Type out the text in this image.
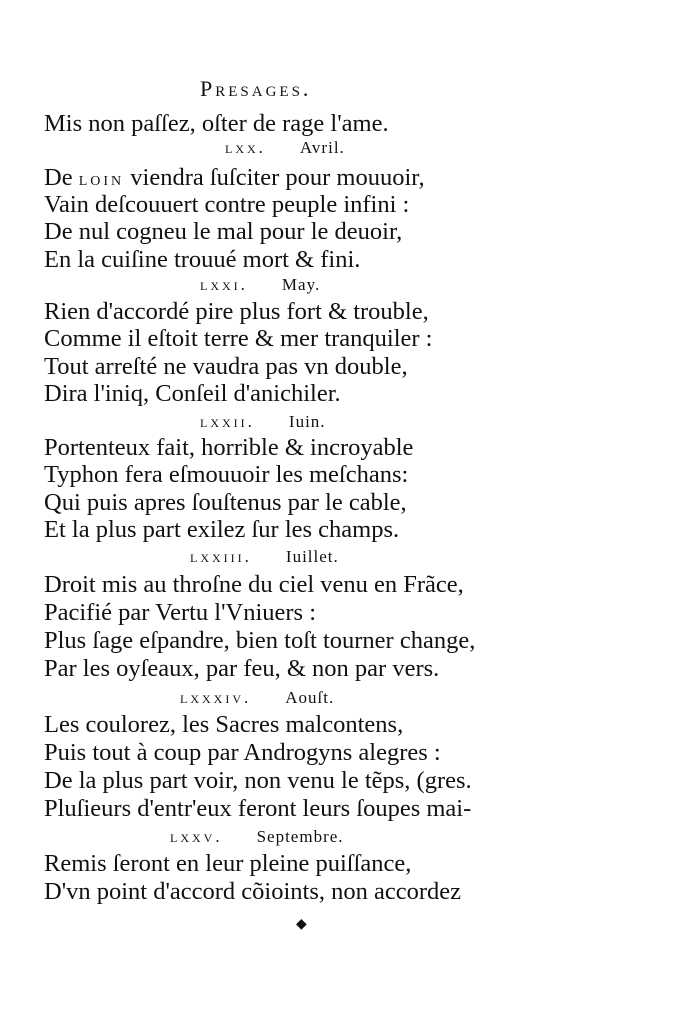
Presages.
Mis non paſſez, oſter de rage l'ame.
lxx. Avril.
De loin viendra ſuſciter pour mouuoir,
Vain deſcouuert contre peuple infini :
De nul cogneu le mal pour le deuoir,
En la cuiſine trouué mort & fini.
lxxi. May.
Rien d'accordé pire plus fort & trouble,
Comme il eſtoit terre & mer tranquiler :
Tout arreſté ne vaudra pas vn double,
Dira l'iniq, Conſeil d'anichiler.
lxxii. Iuin.
Portenteux fait, horrible & incroyable
Typhon fera eſmouuoir les meſchans:
Qui puis apres ſouſtenus par le cable,
Et la plus part exilez ſur les champs.
lxxiii. Iuillet.
Droit mis au throſne du ciel venu en Frãce,
Pacifié par Vertu l'Vniuers :
Plus ſage eſpandre, bien toſt tourner change,
Par les oyſeaux, par feu, & non par vers.
lxxxiv. Aouſt.
Les coulorez, les Sacres malcontens,
Puis tout à coup par Androgyns alegres :
De la plus part voir, non venu le tẽps, (gres.
Pluſieurs d'entr'eux feront leurs ſoupes mai-
lxxv. Septembre.
Remis ſeront en leur pleine puiſſance,
D'vn point d'accord cõioints, non accordez
◆
